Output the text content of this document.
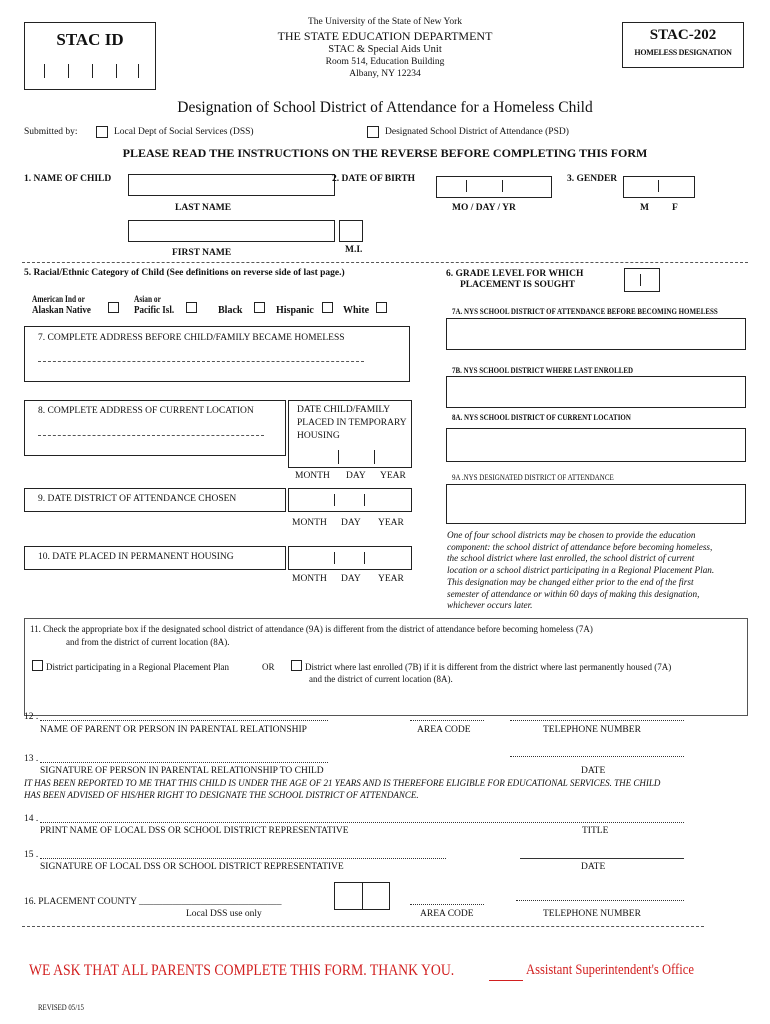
STAC ID
The University of the State of New York
THE STATE EDUCATION DEPARTMENT
STAC & Special Aids Unit
Room 514, Education Building
Albany, NY 12234
STAC-202
HOMELESS DESIGNATION
Designation of School District of Attendance for a Homeless Child
Submitted by:	Local Dept of Social Services (DSS)	Designated School District of Attendance (PSD)
PLEASE READ THE INSTRUCTIONS ON THE REVERSE BEFORE COMPLETING THIS FORM
1. NAME OF CHILD
LAST NAME
FIRST NAME	M.I.
2. DATE OF BIRTH
MO / DAY / YR
3. GENDER
M F
5. Racial/Ethnic Category of Child (See definitions on reverse side of last page.)
American Ind or
Alaskan Native
Asian or
Pacific Isl.	Black	Hispanic	White
6. GRADE LEVEL FOR WHICH
PLACEMENT IS SOUGHT
7A. NYS SCHOOL DISTRICT OF ATTENDANCE BEFORE BECOMING HOMELESS
7. COMPLETE ADDRESS BEFORE CHILD/FAMILY BECAME HOMELESS
7B. NYS SCHOOL DISTRICT WHERE LAST ENROLLED
8. COMPLETE ADDRESS OF CURRENT LOCATION	DATE CHILD/FAMILY
PLACED IN TEMPORARY
HOUSING
MONTH DAY YEAR
8A. NYS SCHOOL DISTRICT OF CURRENT LOCATION
9A .NYS DESIGNATED DISTRICT OF ATTENDANCE
9. DATE DISTRICT OF ATTENDANCE CHOSEN
MONTH DAY YEAR
10. DATE PLACED IN PERMANENT HOUSING
MONTH DAY YEAR
One of four school districts may be chosen to provide the education
component: the school district of attendance before becoming homeless,
the school district where last enrolled, the school district of current
location or a school district participating in a Regional Placement Plan.
This designation may be changed either prior to the end of the first
semester of attendance or within 60 days of making this designation,
whichever occurs later.
11. Check the appropriate box if the designated school district of attendance (9A) is different from the district of attendance before becoming homeless (7A)
and from the district of current location (8A).
District participating in a Regional Placement Plan	OR	District where last enrolled (7B) if it is different from the district where last permanently housed (7A)
and the district of current location (8A).
12 .
NAME OF PARENT OR PERSON IN PARENTAL RELATIONSHIP	AREA CODE	TELEPHONE NUMBER
13 .
SIGNATURE OF PERSON IN PARENTAL RELATIONSHIP TO CHILD	DATE
IT HAS BEEN REPORTED TO ME THAT THIS CHILD IS UNDER THE AGE OF 21 YEARS AND IS THEREFORE ELIGIBLE FOR EDUCATIONAL SERVICES. THE CHILD
HAS BEEN ADVISED OF HIS/HER RIGHT TO DESIGNATE THE SCHOOL DISTRICT OF ATTENDANCE.
14 .
PRINT NAME OF LOCAL DSS OR SCHOOL DISTRICT REPRESENTATIVE	TITLE
15 .
SIGNATURE OF LOCAL DSS OR SCHOOL DISTRICT REPRESENTATIVE	DATE
16. PLACEMENT COUNTY ______________________________
Local DSS use only	AREA CODE	TELEPHONE NUMBER
WE ASK THAT ALL PARENTS COMPLETE THIS FORM. THANK YOU.	Assistant Superintendent's Office
REVISED 05/15
